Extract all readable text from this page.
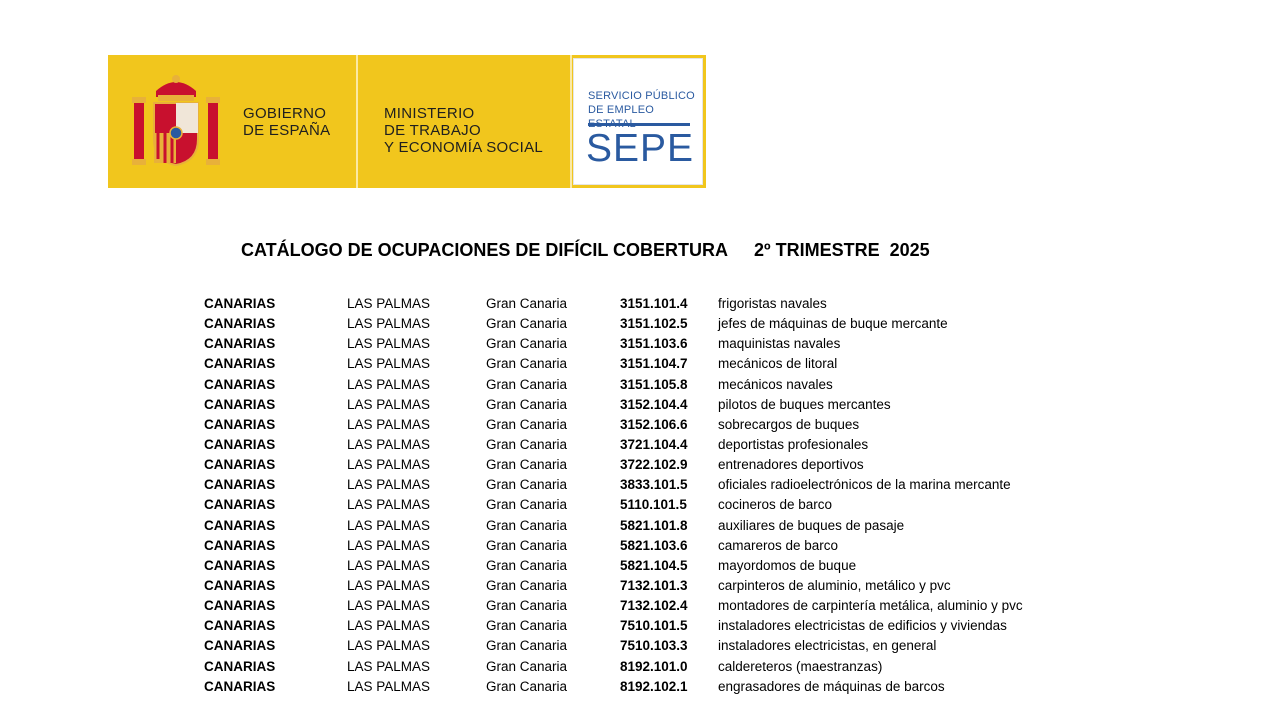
GOBIERNO
DE ESPAÑA
MINISTERIO
DE TRABAJO
Y ECONOMÍA SOCIAL
SERVICIO PÚBLICO
DE EMPLEO
SEPE
CATÁLOGO DE OCUPACIONES DE DIFÍCIL COBERTURA 2º TRIMESTRE  2025
CANARIAS	LAS PALMAS	Gran Canaria	3151.101.4 frigoristas navales
CANARIAS	LAS PALMAS	Gran Canaria	3151.102.5 jefes de máquinas de buque mercante
CANARIAS	LAS PALMAS	Gran Canaria	3151.103.6 maquinistas navales
CANARIAS	LAS PALMAS	Gran Canaria	3151.104.7 mecánicos de litoral
CANARIAS	LAS PALMAS	Gran Canaria	3151.105.8 mecánicos navales
CANARIAS	LAS PALMAS	Gran Canaria	3152.104.4 pilotos de buques mercantes
CANARIAS	LAS PALMAS	Gran Canaria	3152.106.6 sobrecargos de buques
CANARIAS	LAS PALMAS	Gran Canaria	3721.104.4 deportistas profesionales
CANARIAS	LAS PALMAS	Gran Canaria	3722.102.9 entrenadores deportivos
CANARIAS	LAS PALMAS	Gran Canaria	3833.101.5 oficiales radioelectrónicos de la marina mercante
CANARIAS	LAS PALMAS	Gran Canaria	5110.101.5 cocineros de barco
CANARIAS	LAS PALMAS	Gran Canaria	5821.101.8 auxiliares de buques de pasaje
CANARIAS	LAS PALMAS	Gran Canaria	5821.103.6 camareros de barco
CANARIAS	LAS PALMAS	Gran Canaria	5821.104.5 mayordomos de buque
CANARIAS	LAS PALMAS	Gran Canaria	7132.101.3 carpinteros de aluminio, metálico y pvc
CANARIAS	LAS PALMAS	Gran Canaria	7132.102.4 montadores de carpintería metálica, aluminio y pvc
CANARIAS	LAS PALMAS	Gran Canaria	7510.101.5 instaladores electricistas de edificios y viviendas
CANARIAS	LAS PALMAS	Gran Canaria	7510.103.3 instaladores electricistas, en general
CANARIAS	LAS PALMAS	Gran Canaria	8192.101.0 caldereteros (maestranzas)
CANARIAS	LAS PALMAS	Gran Canaria	8192.102.1 engrasadores de máquinas de barcos
